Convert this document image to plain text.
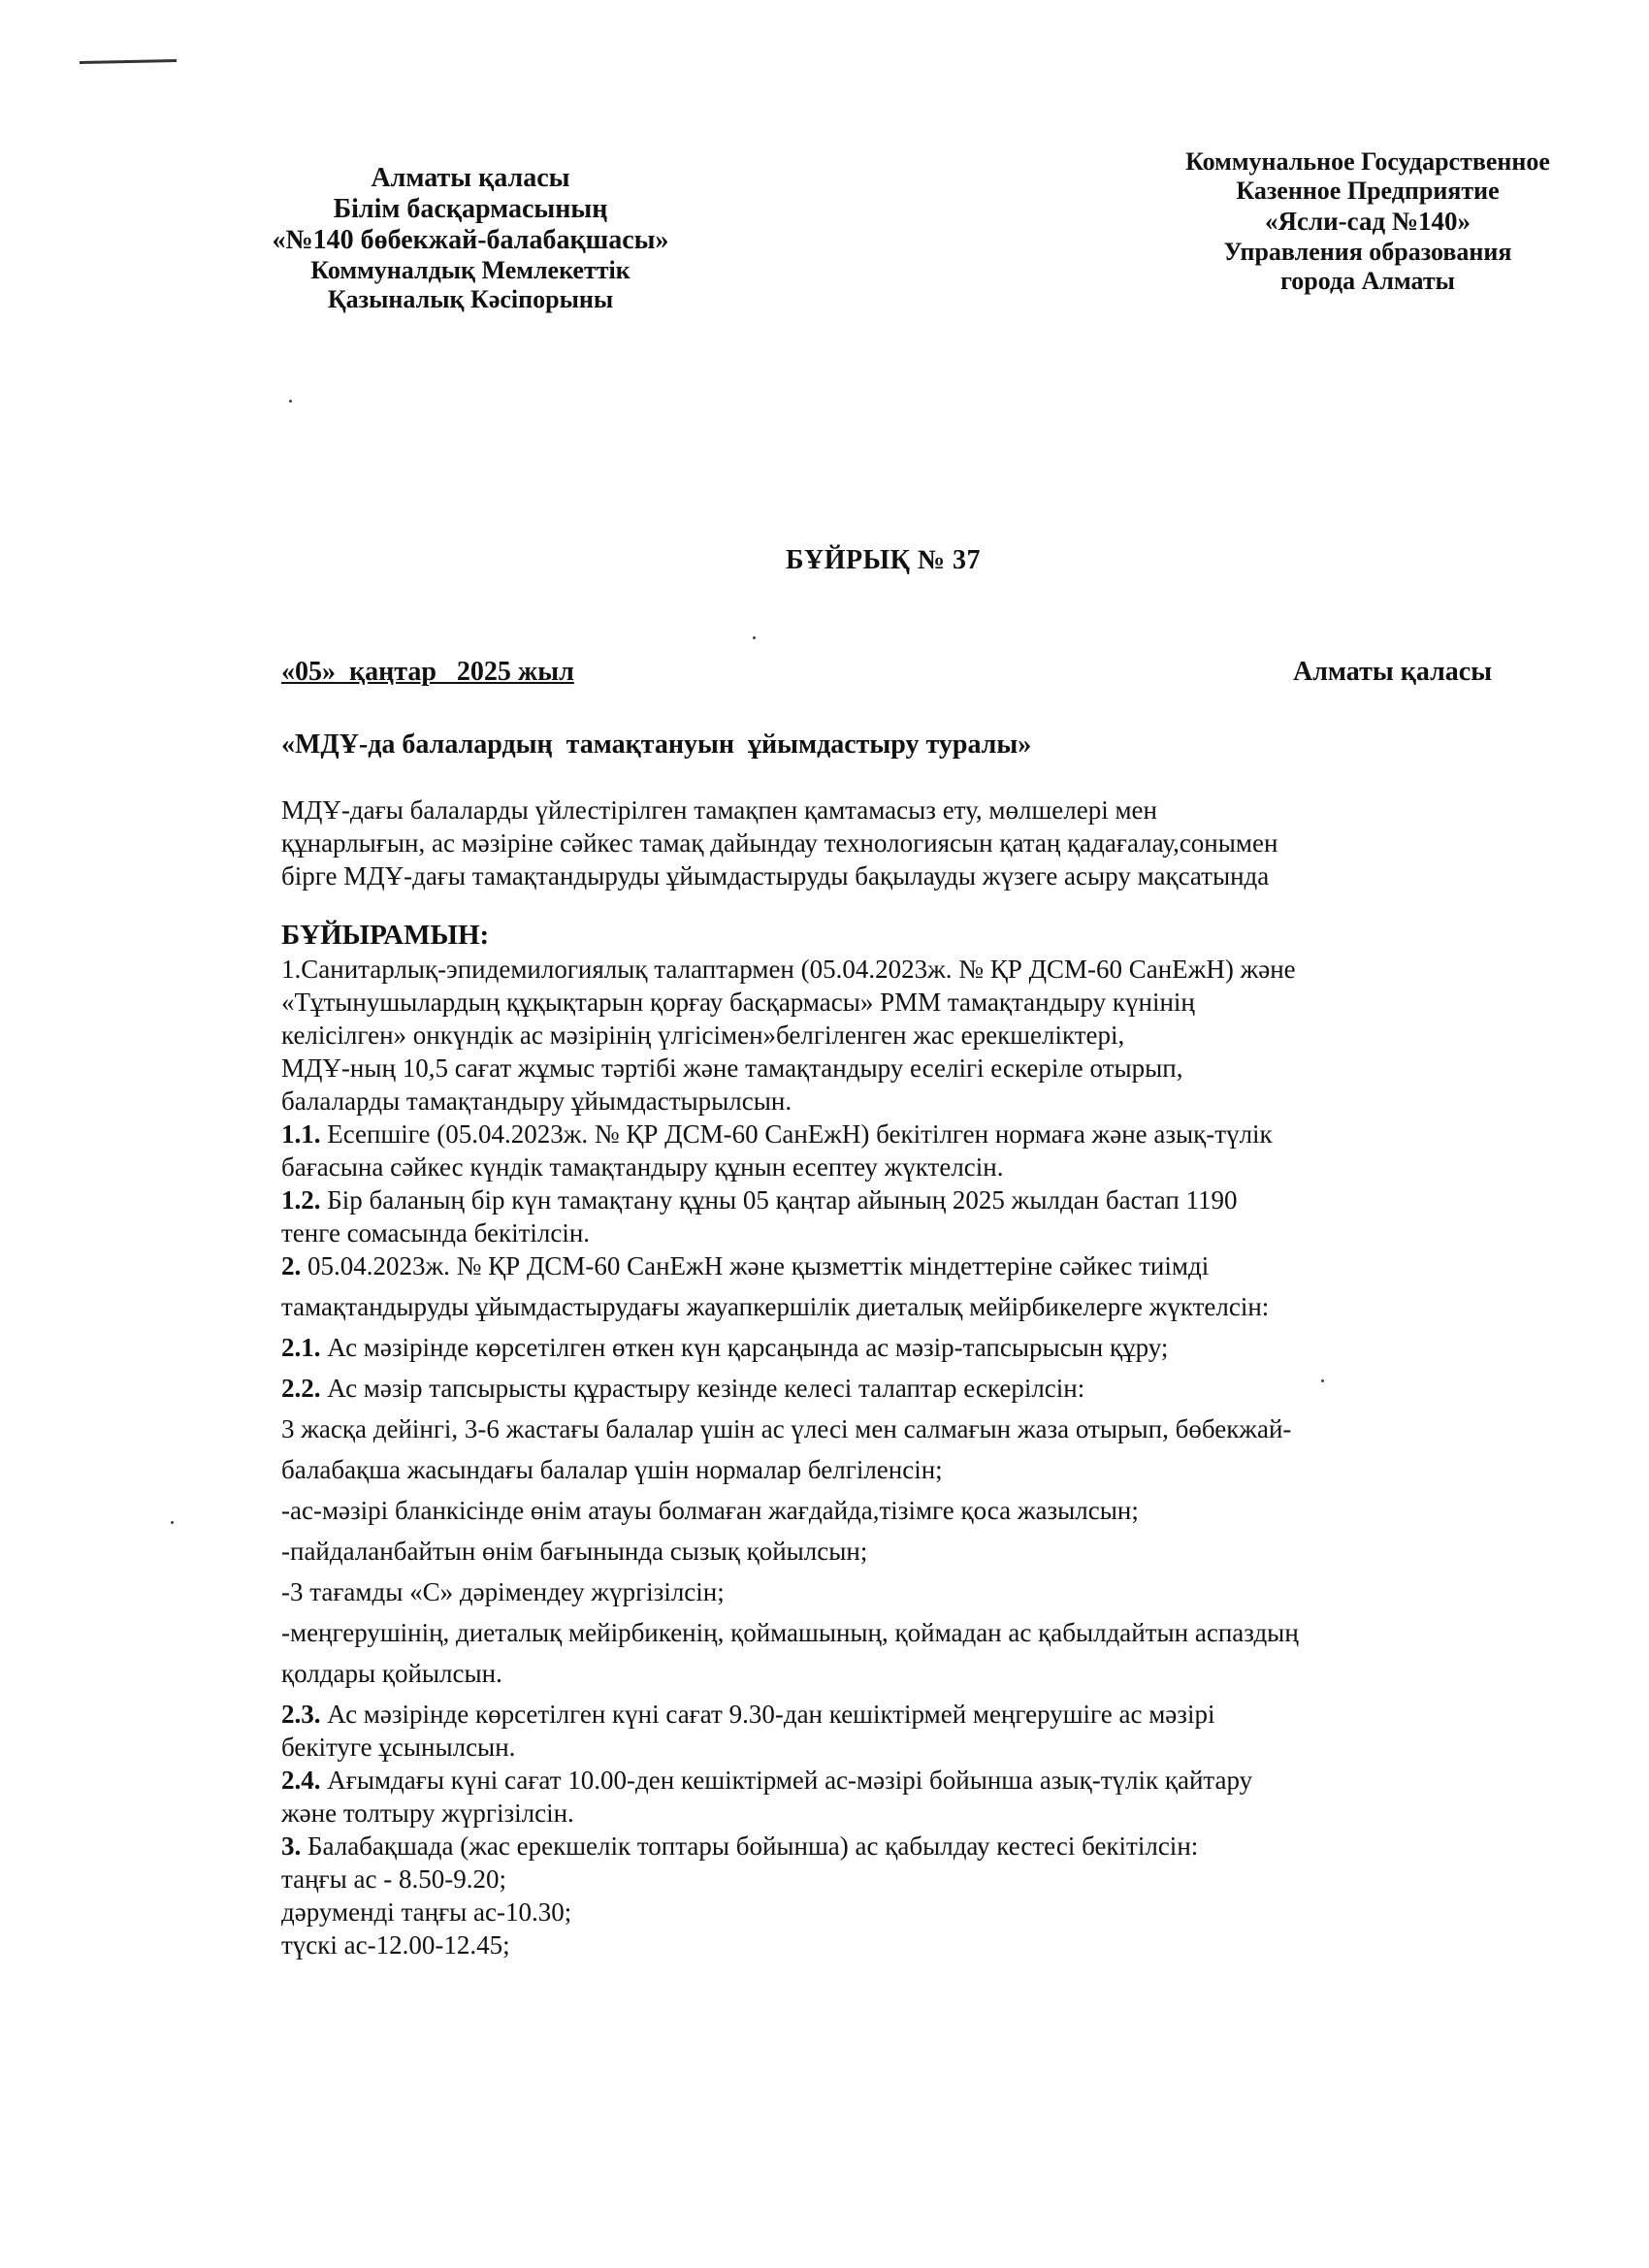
Алматы қаласы
Білім басқармасының
«№140 бөбекжай-балабақшасы»
Коммуналдық Мемлекеттік
Қазыналық Кәсіпорыны
Коммунальное Государственное
Казенное Предприятие
«Ясли-сад №140»
Управления образования
города Алматы
БҰЙРЫҚ № 37
«05»  қаңтар   2025 жыл	Алматы қаласы
«МДҰ-да балалардың  тамақтануын  ұйымдастыру туралы»
МДҰ-дағы балаларды үйлестірілген тамақпен қамтамасыз ету, мөлшелері мен
құнарлығын, ас мәзіріне сәйкес тамақ дайындау технологиясын қатаң қадағалау,сонымен
бірге МДҰ-дағы тамақтандыруды ұйымдастыруды бақылауды жүзеге асыру мақсатында
БҰЙЫРАМЫН:
1.Санитарлық-эпидемилогиялық талаптармен (05.04.2023ж. № ҚР ДСМ-60 СанЕжН) және
«Тұтынушылардың құқықтарын қорғау басқармасы» РММ тамақтандыру күнінің
келісілген» онкүндік ас мәзірінің үлгісімен»белгіленген жас ерекшеліктері,
МДҰ-ның 10,5 сағат жұмыс тәртібі және тамақтандыру еселігі ескеріле отырып,
балаларды тамақтандыру ұйымдастырылсын.
1.1. Есепшіге (05.04.2023ж. № ҚР ДСМ-60 СанЕжН) бекітілген нормаға және азық-түлік
бағасына сәйкес күндік тамақтандыру құнын есептеу жүктелсін.
1.2. Бір баланың бір күн тамақтану құны 05 қаңтар айының 2025 жылдан бастап 1190
тенге сомасында бекітілсін.
2. 05.04.2023ж. № ҚР ДСМ-60 СанЕжН және қызметтік міндеттеріне сәйкес тиімді
тамақтандыруды ұйымдастырудағы жауапкершілік диеталық мейірбикелерге жүктелсін:
2.1. Ас мәзірінде көрсетілген өткен күн қарсаңында ас мәзір-тапсырысын құру;
2.2. Ас мәзір тапсырысты құрастыру кезінде келесі талаптар ескерілсін:
3 жасқа дейінгі, 3-6 жастағы балалар үшін ас үлесі мен салмағын жаза отырып, бөбекжай-
балабақша жасындағы балалар үшін нормалар белгіленсін;
-ас-мәзірі бланкісінде өнім атауы болмаған жағдайда,тізімге қоса жазылсын;
-пайдаланбайтын өнім бағынында сызық қойылсын;
-3 тағамды «С» дәрімендеу жүргізілсін;
-меңгерушінің, диеталық мейірбикенің, қоймашының, қоймадан ас қабылдайтын аспаздың
қолдары қойылсын.
2.3. Ас мәзірінде көрсетілген күні сағат 9.30-дан кешіктірмей меңгерушіге ас мәзірі
бекітуге ұсынылсын.
2.4. Ағымдағы күні сағат 10.00-ден кешіктірмей ас-мәзірі бойынша азық-түлік қайтару
және толтыру жүргізілсін.
3. Балабақшада (жас ерекшелік топтары бойынша) ас қабылдау кестесі бекітілсін:
таңғы ас - 8.50-9.20;
дәруменді таңғы ас-10.30;
түскі ас-12.00-12.45;
